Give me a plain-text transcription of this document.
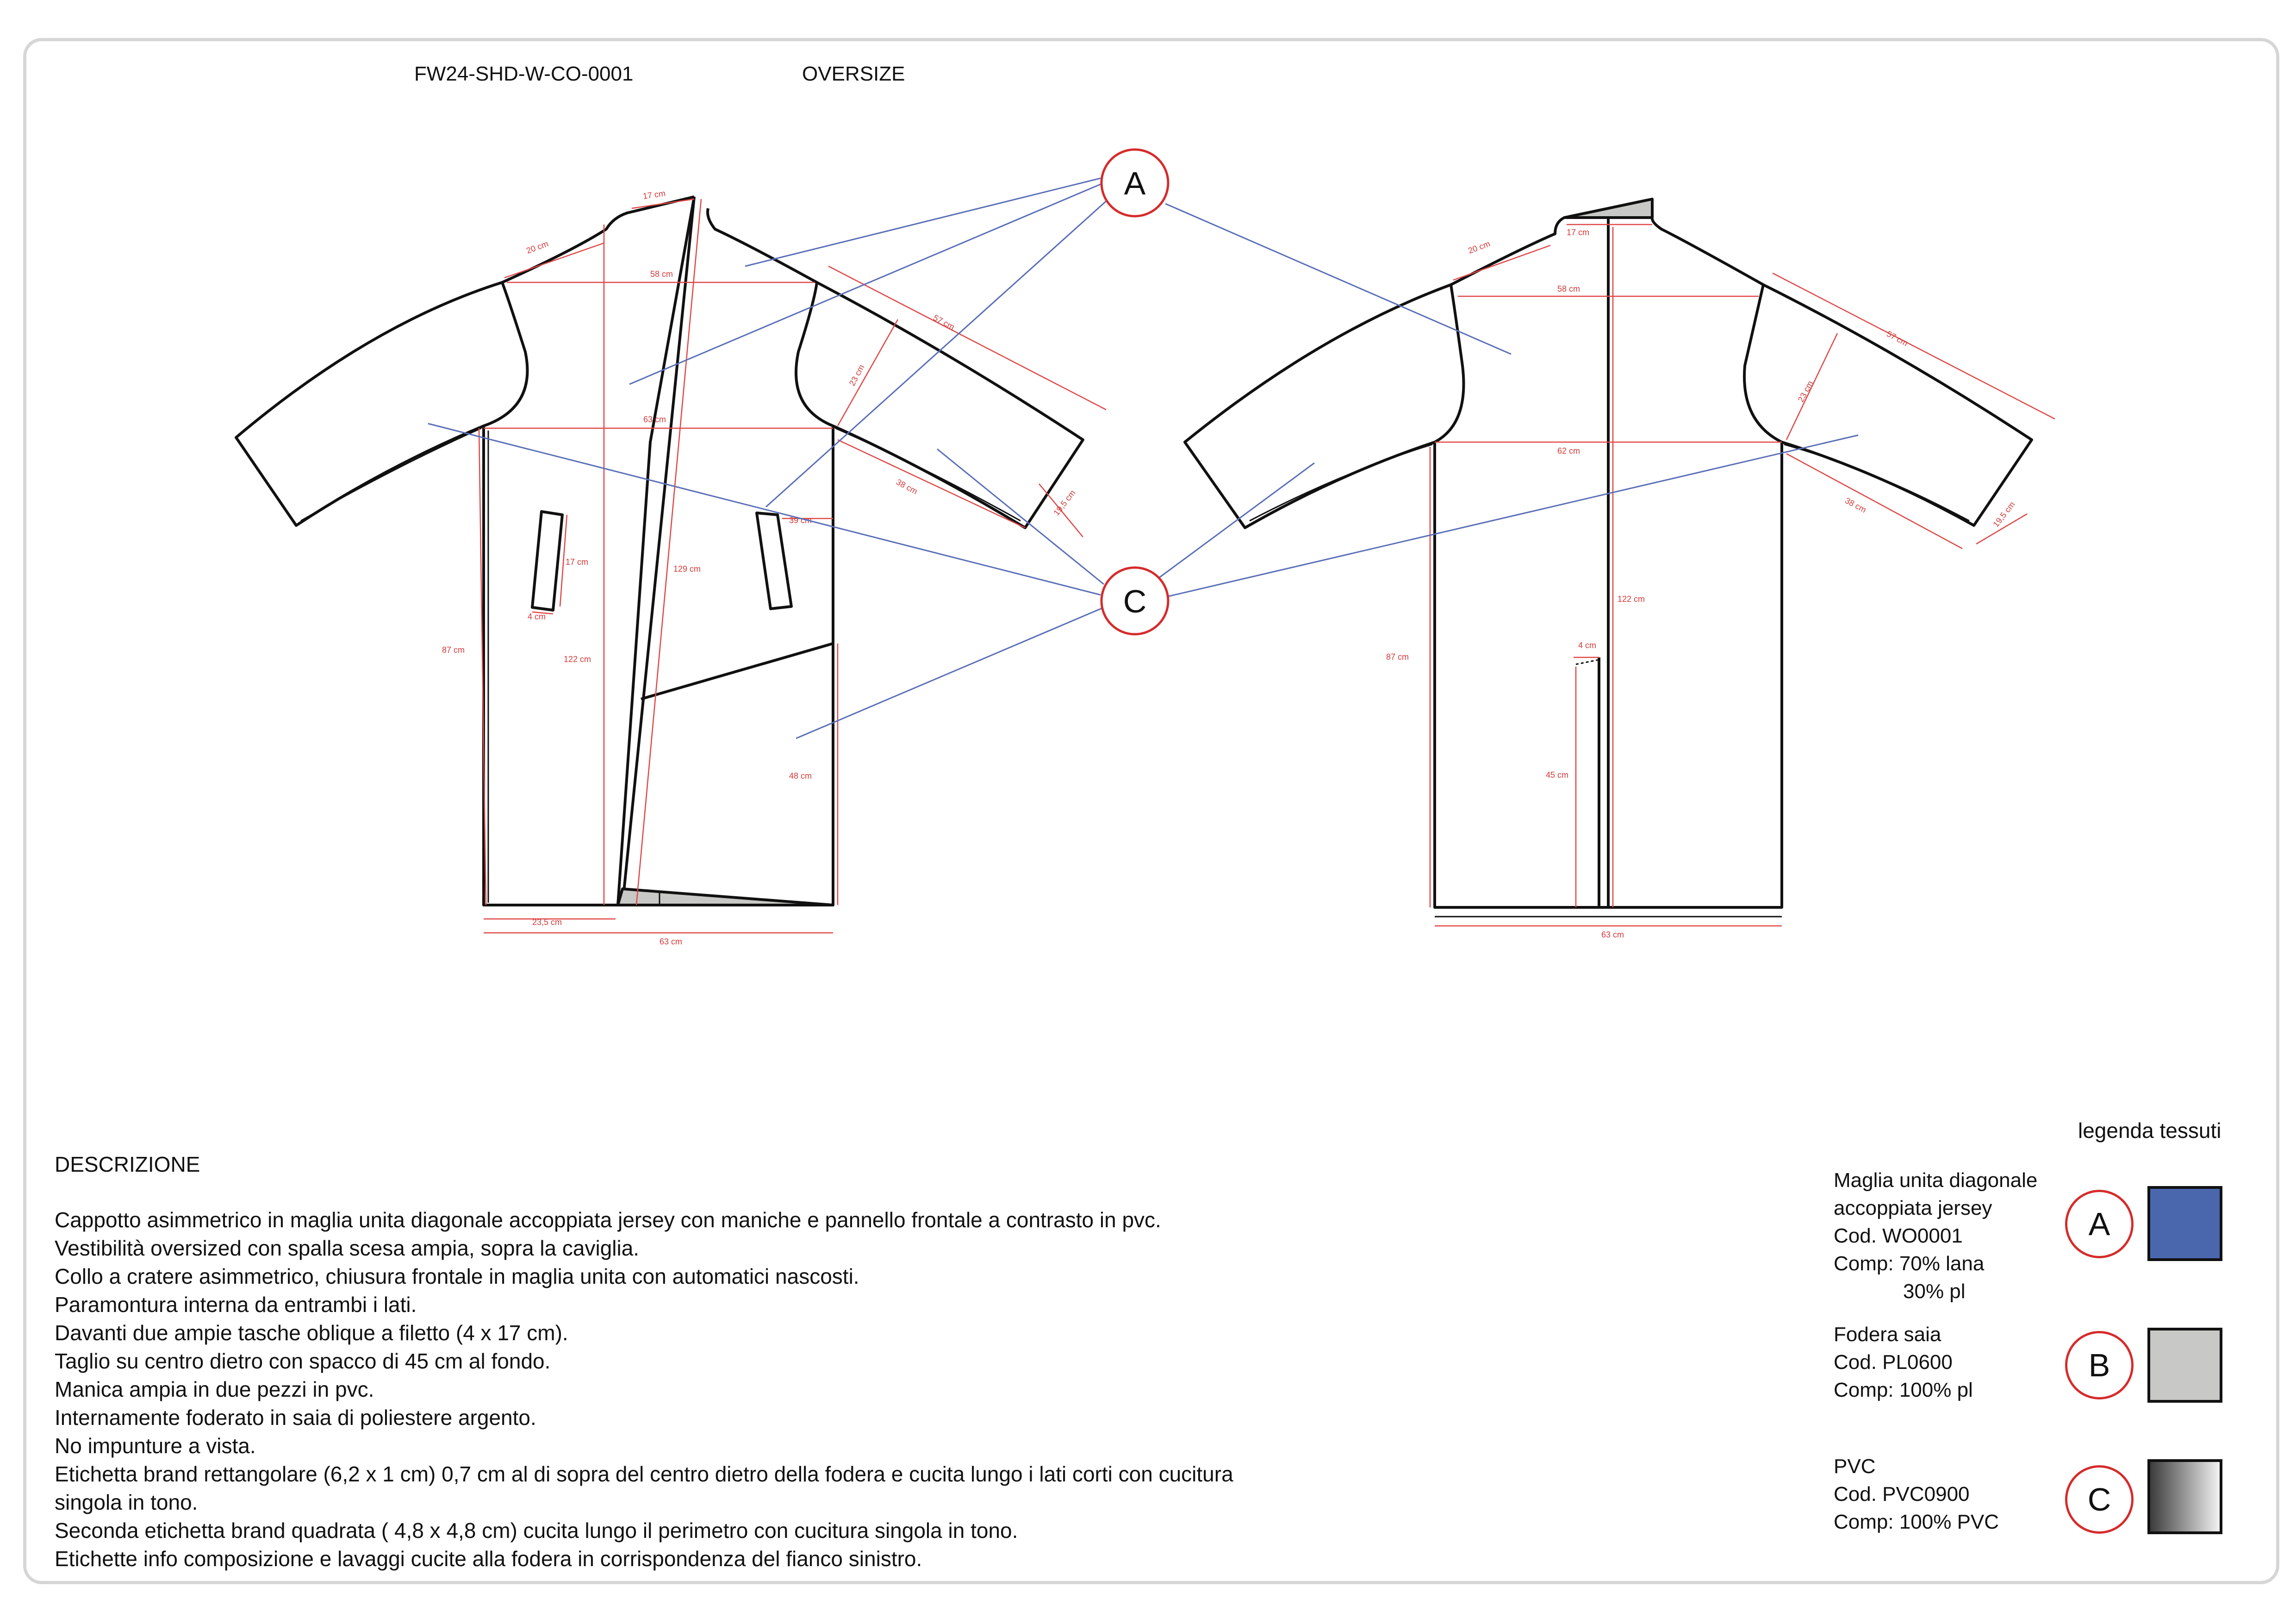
FW24-SHD-W-CO-0001	OVERSIZE
20 cm
17 cm
58 cm
57 cm
23 cm
63 cm
38 cm
19,5 cm
39 cm
17 cm
4 cm
129 cm
87 cm
122 cm
48 cm
23,5 cm
63 cm
20 cm
17 cm
58 cm
57 cm
23 cm
62 cm
38 cm	19,5 cm
122 cm
87 cm
4 cm
45 cm
63 cm
A
C
DESCRIZIONE
Cappotto asimmetrico in maglia unita diagonale accoppiata jersey con maniche e pannello frontale a contrasto in pvc.
Vestibilità oversized con spalla scesa ampia, sopra la caviglia.
Collo a cratere asimmetrico, chiusura frontale in maglia unita con automatici nascosti.
Paramontura interna da entrambi i lati.
Davanti due ampie tasche oblique a filetto (4 x 17 cm).
Taglio su centro dietro con spacco di 45 cm al fondo.
Manica ampia in due pezzi in pvc.
Internamente foderato in saia di poliestere argento.
No impunture a vista.
Etichetta brand rettangolare (6,2 x 1 cm) 0,7 cm al di sopra del centro dietro della fodera e cucita lungo i lati corti con cucitura
singola in tono.
Seconda etichetta brand quadrata ( 4,8 x 4,8 cm) cucita lungo il perimetro con cucitura singola in tono.
Etichette info composizione e lavaggi cucite alla fodera in corrispondenza del fianco sinistro.
legenda tessuti
Maglia unita diagonale
accoppiata jersey
Cod. WO0001
Comp: 70% lana
30% pl
A
Fodera saia
Cod. PL0600
Comp: 100% pl
B
PVC
Cod. PVC0900
Comp: 100% PVC
C
